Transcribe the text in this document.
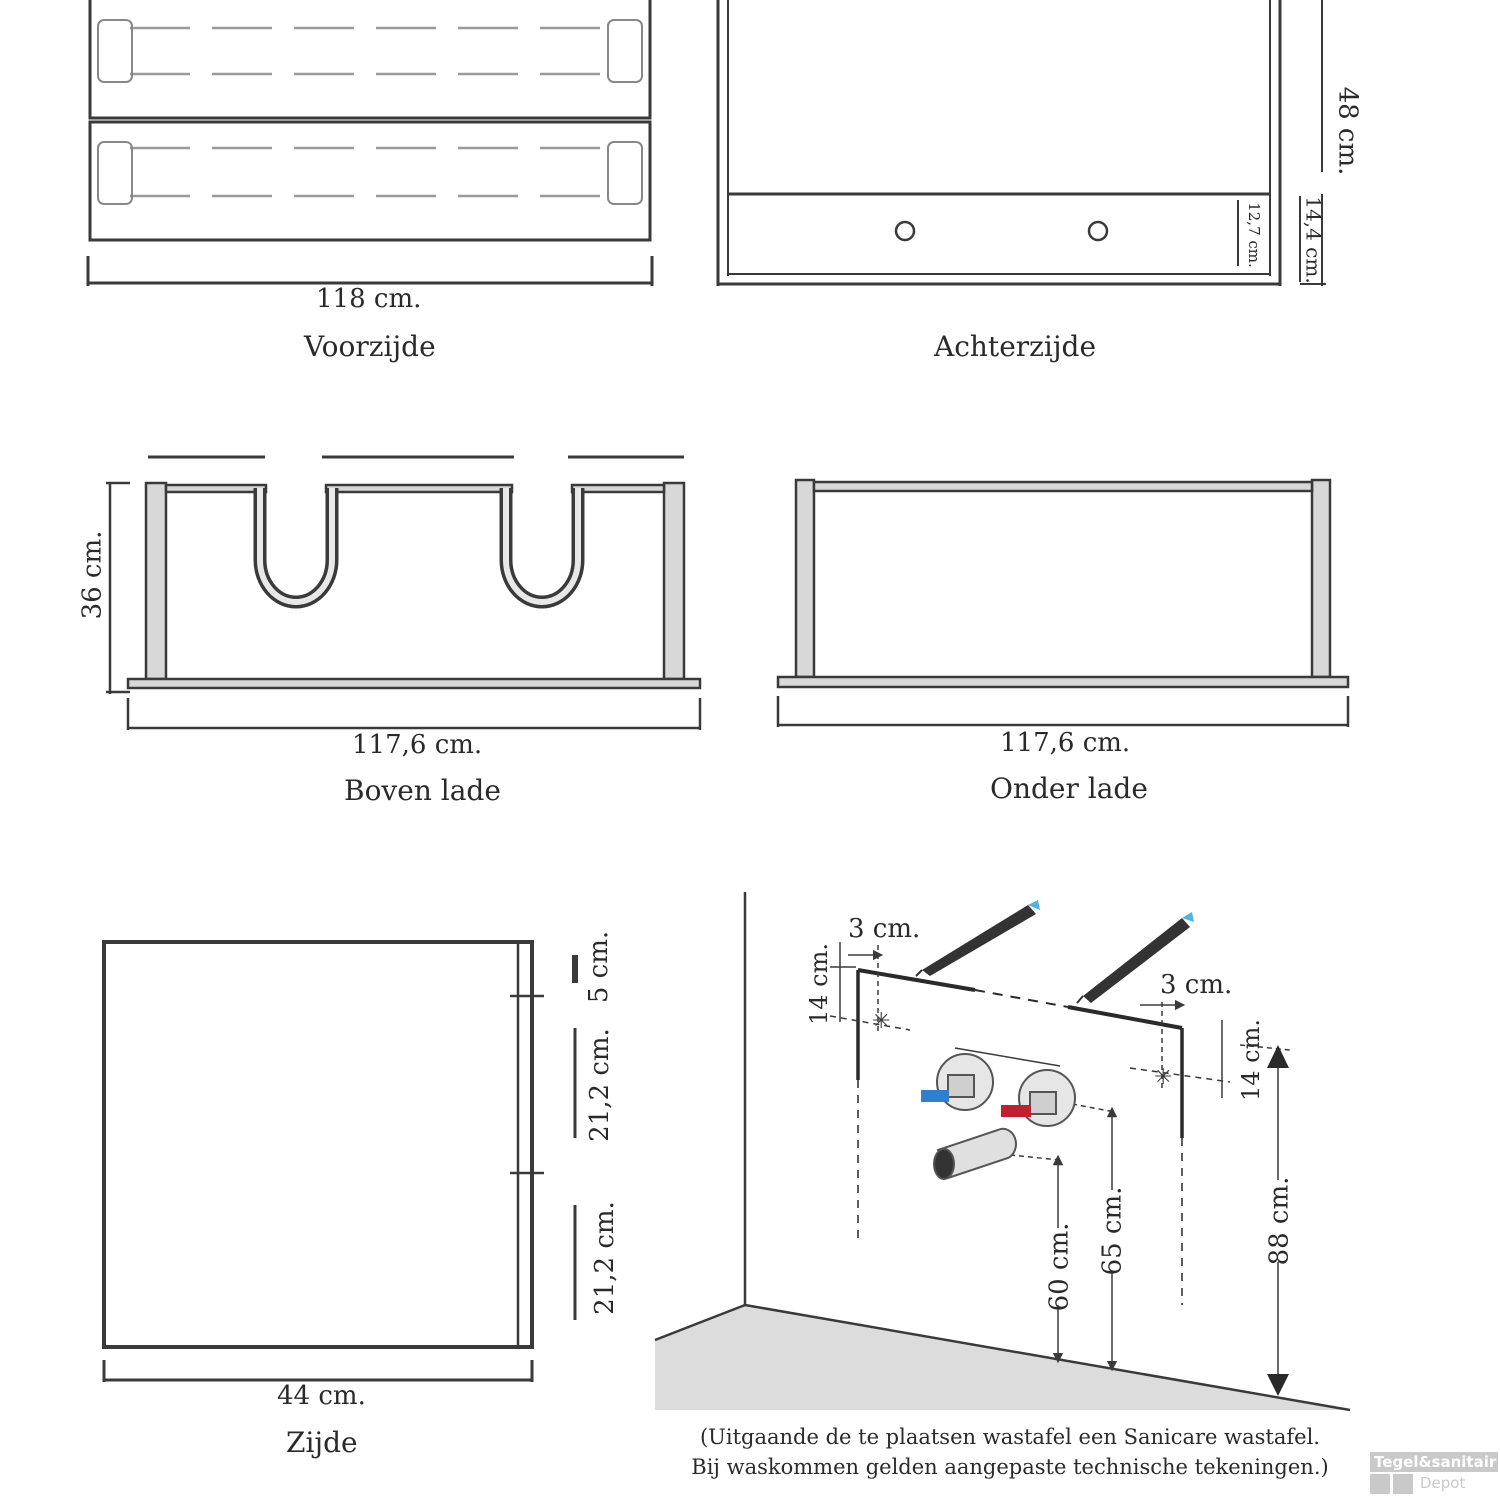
✳
✳
118 cm.
Voorzijde	Achterzijde
48 cm.
12,7 cm. 14,4 cm.
36 cm.
117,6 cm.
Boven lade
117,6 cm.
Onder lade
44 cm.
Zijde
5 cm.
21,2 cm.
21,2 cm.
3 cm.
3 cm.
14 cm.
14 cm.
60 cm. 65 cm.	88 cm.
(Uitgaande de te plaatsen wastafel een Sanicare wastafel.
Bij waskommen gelden aangepaste technische tekeningen.)	Tegel&sanitair
Depot
